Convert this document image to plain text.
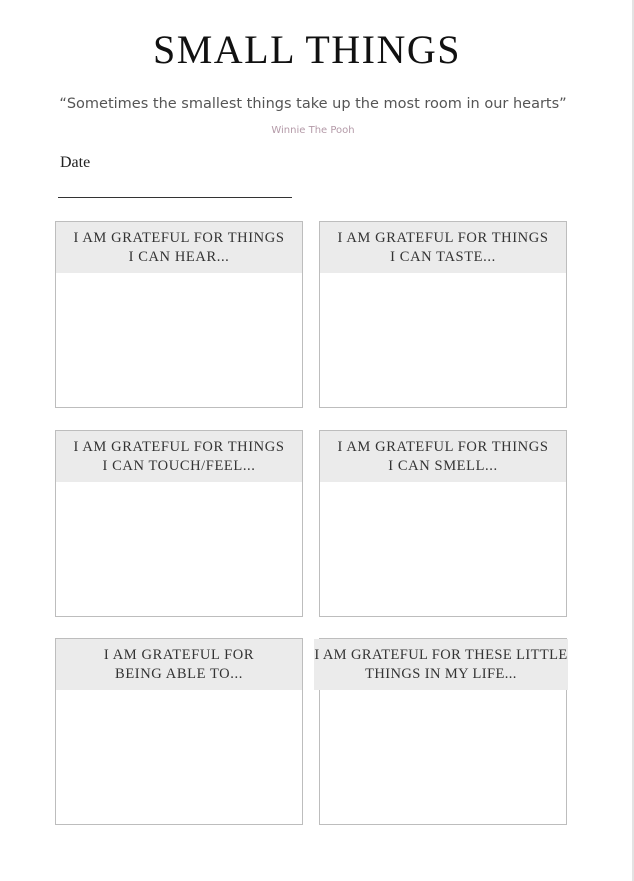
SMALL THINGS
“Sometimes the smallest things take up the most room in our hearts”
Winnie The Pooh
Date
I AM GRATEFUL FOR THINGS
I CAN HEAR...
I AM GRATEFUL FOR THINGS
I CAN TASTE...
I AM GRATEFUL FOR THINGS
I CAN TOUCH/FEEL...
I AM GRATEFUL FOR THINGS
I CAN SMELL...
I AM GRATEFUL FOR
BEING ABLE TO...
I AM GRATEFUL FOR THESE LITTLE
THINGS IN MY LIFE...
